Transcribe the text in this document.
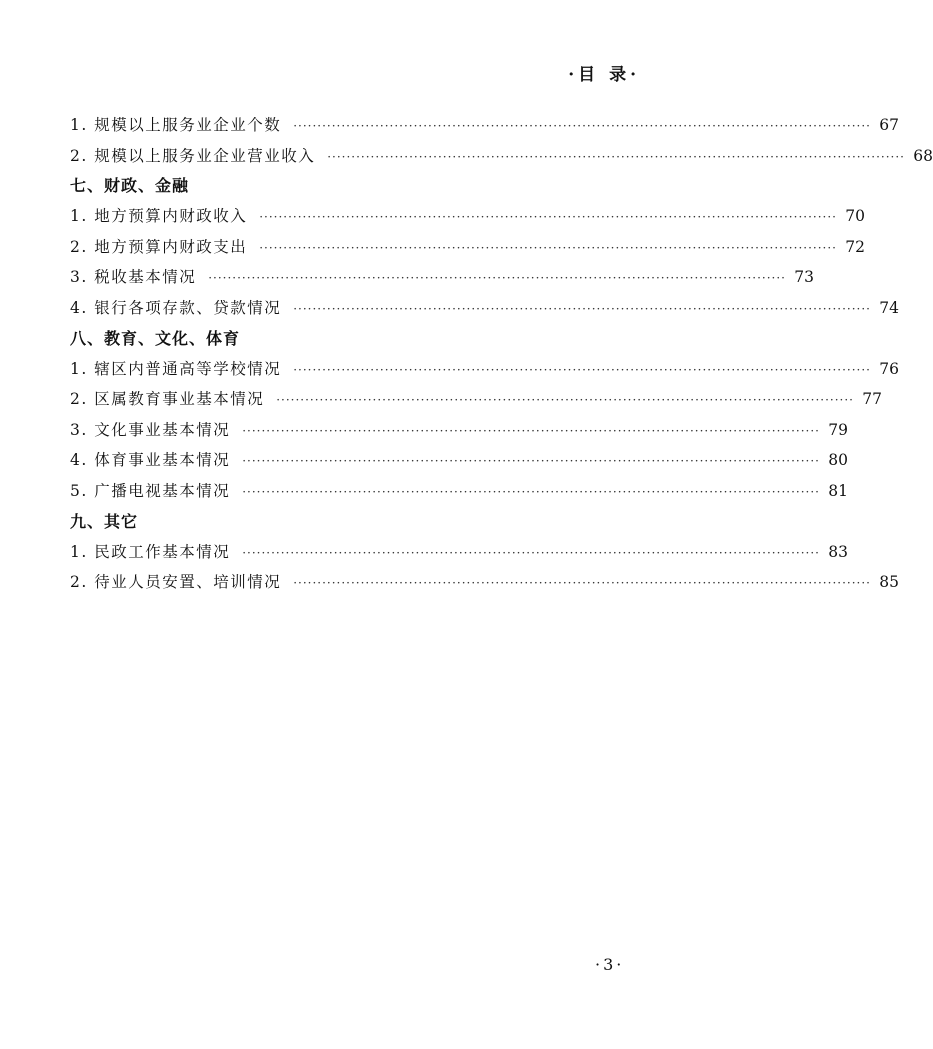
·目 录·
1. 规模以上服务业企业个数 ························································································································ 67
2. 规模以上服务业企业营业收入 ························································································································ 68
七、财政、金融
1. 地方预算内财政收入 ························································································································ 70
2. 地方预算内财政支出 ························································································································ 72
3. 税收基本情况 ························································································································ 73
4. 银行各项存款、贷款情况 ························································································································ 74
八、教育、文化、体育
1. 辖区内普通高等学校情况 ························································································································ 76
2. 区属教育事业基本情况 ························································································································ 77
3. 文化事业基本情况 ························································································································ 79
4. 体育事业基本情况 ························································································································ 80
5. 广播电视基本情况 ························································································································ 81
九、其它
1. 民政工作基本情况 ························································································································ 83
2. 待业人员安置、培训情况 ························································································································ 85
·3·
